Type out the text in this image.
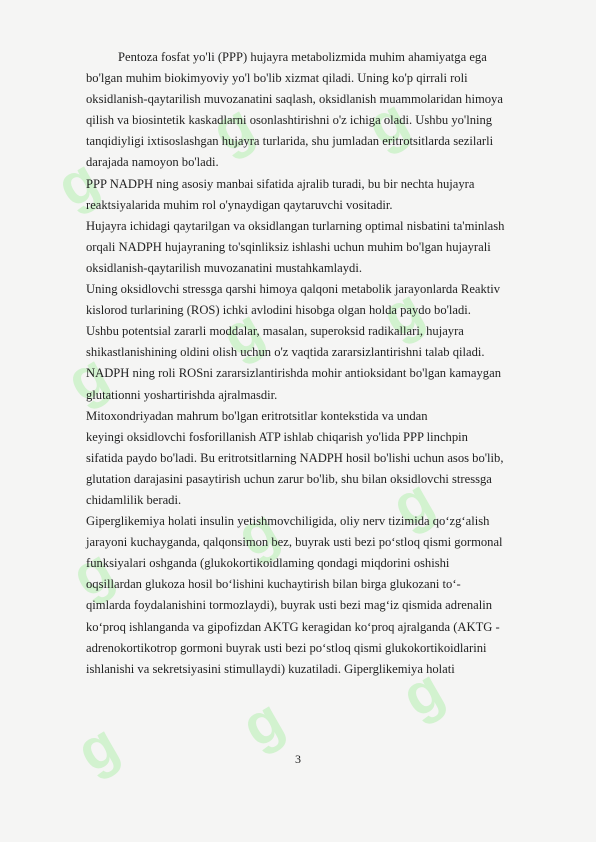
g
g g
g
g g
g
g g
g g g
Pentoza fosfat yo'li (PPP) hujayra metabolizmida muhim ahamiyatga ega
bo'lgan muhim biokimyoviy yo'l bo'lib xizmat qiladi. Uning ko'p qirrali roli
oksidlanish-qaytarilish muvozanatini saqlash, oksidlanish muammolaridan himoya
qilish va biosintetik kaskadlarni osonlashtirishni o'z ichiga oladi. Ushbu yo'lning
tanqidiyligi ixtisoslashgan hujayra turlarida, shu jumladan eritrotsitlarda sezilarli
darajada namoyon bo'ladi.
PPP NADPH ning asosiy manbai sifatida ajralib turadi, bu bir nechta hujayra
reaktsiyalarida muhim rol o'ynaydigan qaytaruvchi vositadir.
Hujayra ichidagi qaytarilgan va oksidlangan turlarning optimal nisbatini ta'minlash
orqali NADPH hujayraning to'sqinliksiz ishlashi uchun muhim bo'lgan hujayrali
oksidlanish-qaytarilish muvozanatini mustahkamlaydi.
Uning oksidlovchi stressga qarshi himoya qalqoni metabolik jarayonlarda Reaktiv
kislorod turlarining (ROS) ichki avlodini hisobga olgan holda paydo bo'ladi.
Ushbu potentsial zararli moddalar, masalan, superoksid radikallari, hujayra
shikastlanishining oldini olish uchun o'z vaqtida zararsizlantirishni talab qiladi.
NADPH ning roli ROSni zararsizlantirishda mohir antioksidant bo'lgan kamaygan
glutationni yoshartirishda ajralmasdir.
Mitoxondriyadan mahrum bo'lgan eritrotsitlar kontekstida va undan
keyingi oksidlovchi fosforillanish ATP ishlab chiqarish yo'lida PPP linchpin
sifatida paydo bo'ladi. Bu eritrotsitlarning NADPH hosil bo'lishi uchun asos bo'lib,
glutation darajasini pasaytirish uchun zarur bo'lib, shu bilan oksidlovchi stressga
chidamlilik beradi.
Giperglikemiya holati insulin yetishmovchiligida, oliy nerv tizimida qo‘zg‘alish
jarayoni kuchayganda, qalqonsimon bez, buyrak usti bezi po‘stloq qismi gormonal
funksiyalari oshganda (glukokortikoidlaming qondagi miqdorini oshishi
oqsillardan glukoza hosil bo‘lishini kuchaytirish bilan birga glukozani to‘-
qimlarda foydalanishini tormozlaydi), buyrak usti bezi mag‘iz qismida adrenalin
ko‘proq ishlanganda va gipofizdan AKTG keragidan ko‘proq ajralganda (AKTG -
adrenokortikotrop gormoni buyrak usti bezi po‘stloq qismi glukokortikoidlarini
ishlanishi va sekretsiyasini stimullaydi) kuzatiladi. Giperglikemiya holati
3
